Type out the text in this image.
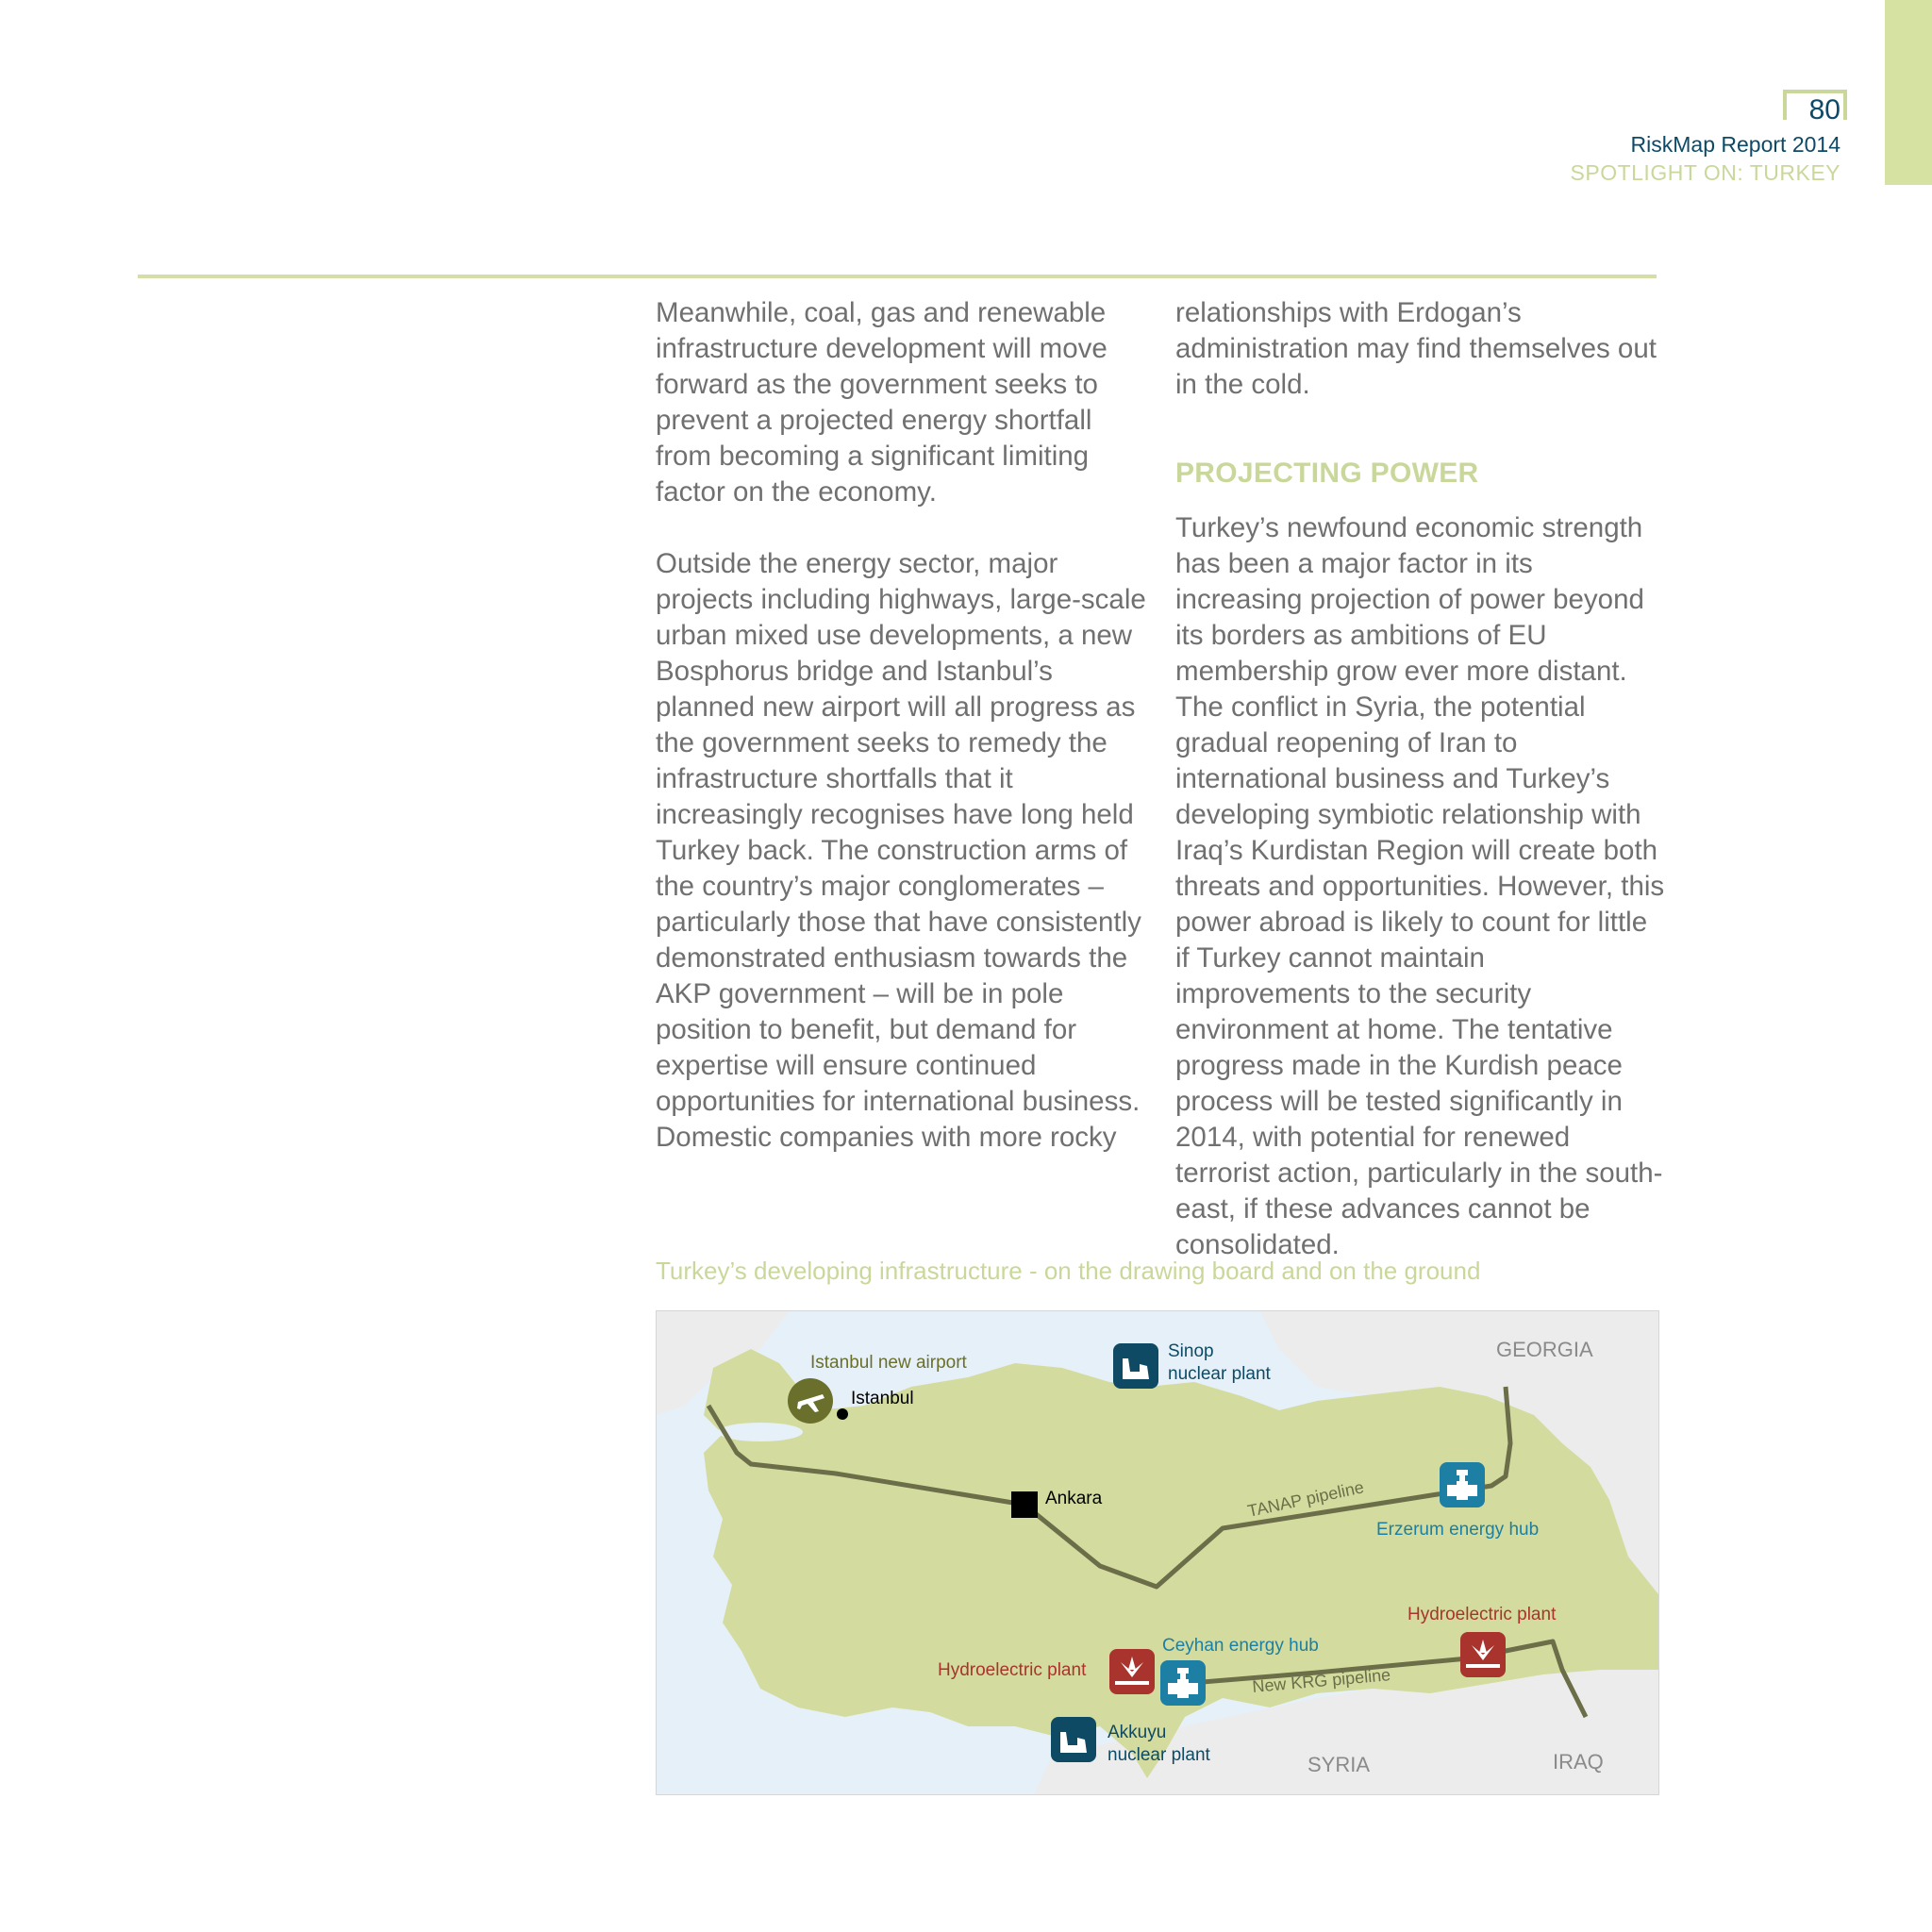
80
RiskMap Report 2014
SPOTLIGHT ON: TURKEY

Meanwhile, coal, gas and renewable infrastructure development will move forward as the government seeks to prevent a projected energy shortfall from becoming a significant limiting factor on the economy.

Outside the energy sector, major projects including highways, large-scale urban mixed use developments, a new Bosphorus bridge and Istanbul’s planned new airport will all progress as the government seeks to remedy the infrastructure shortfalls that it increasingly recognises have long held Turkey back. The construction arms of the country’s major conglomerates – particularly those that have consistently demonstrated enthusiasm towards the AKP government – will be in pole position to benefit, but demand for expertise will ensure continued opportunities for international business. Domestic companies with more rocky

relationships with Erdogan’s administration may find themselves out in the cold.

PROJECTING POWER

Turkey’s newfound economic strength has been a major factor in its increasing projection of power beyond its borders as ambitions of EU membership grow ever more distant. The conflict in Syria, the potential gradual reopening of Iran to international business and Turkey’s developing symbiotic relationship with Iraq’s Kurdistan Region will create both threats and opportunities. However, this power abroad is likely to count for little if Turkey cannot maintain improvements to the security environment at home. The tentative progress made in the Kurdish peace process will be tested significantly in 2014, with potential for renewed terrorist action, particularly in the south-east, if these advances cannot be consolidated.

Turkey’s developing infrastructure - on the drawing board and on the ground
GEORGIA
SYRIA	IRAQ
Istanbul new airport
Istanbul
Ankara
Sinop
nuclear plant
TANAP pipeline
Erzerum energy hub
Ceyhan energy hub
Hydroelectric plant	New KRG pipeline
Hydroelectric plant
Akkuyu
nuclear plant
